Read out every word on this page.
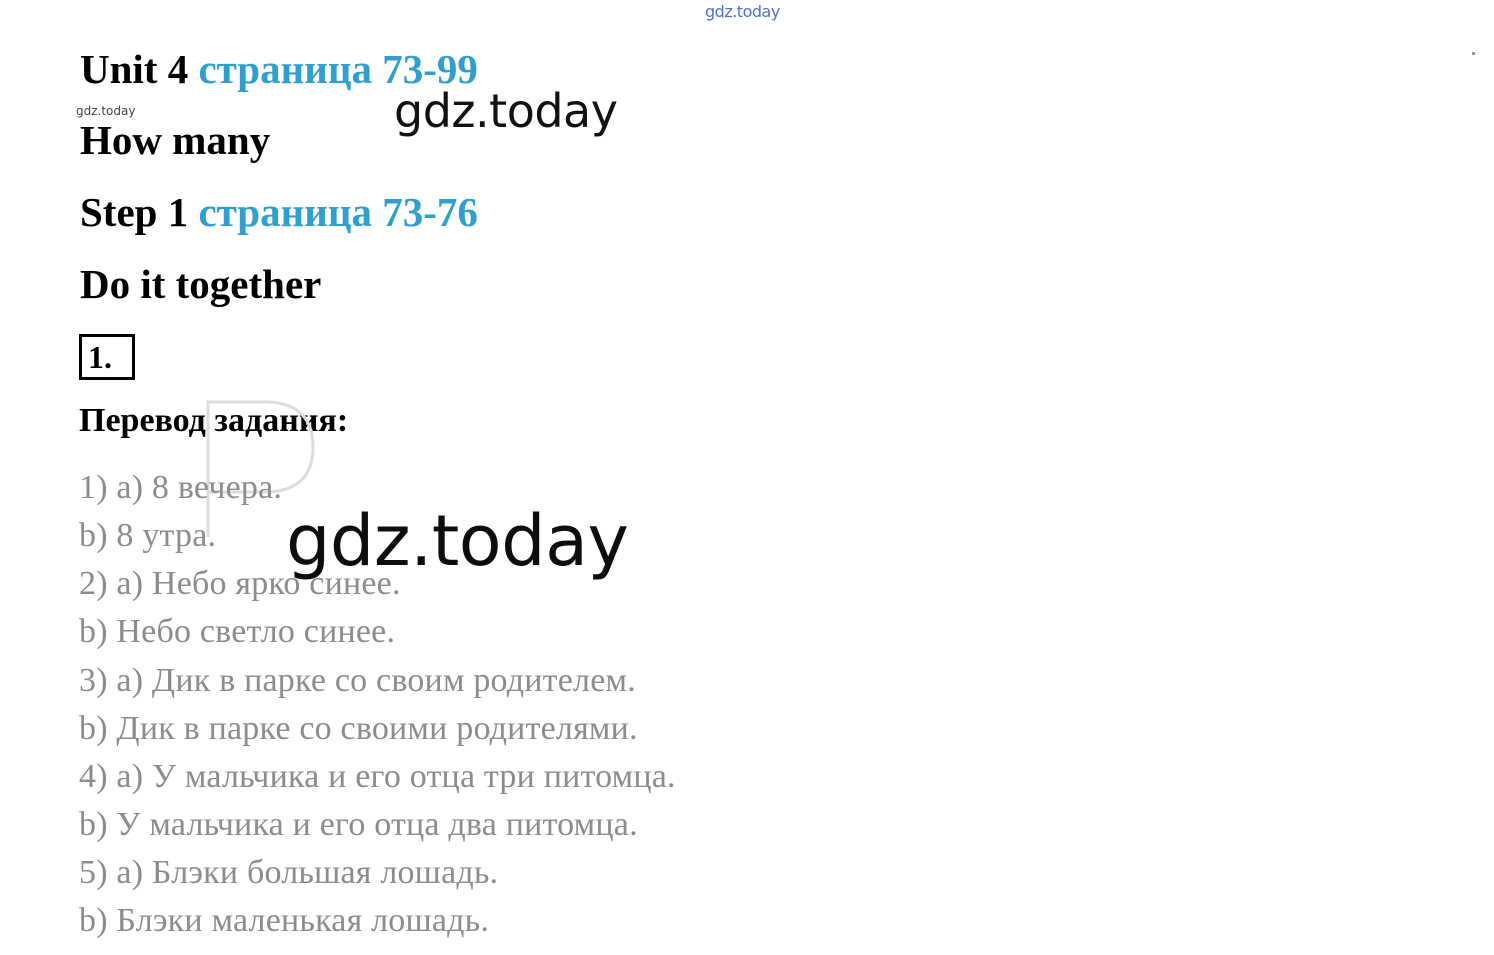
gdz.today
Unit 4 страница 73-99
gdz.today	gdz.today
How many
Step 1 страница 73-76
Do it together
1.
Перевод задания:
1) a) 8 вечера.
b) 8 утра.
2) a) Небо ярко синее.
b) Небо светло синее.
3) a) Дик в парке со своим родителем.
b) Дик в парке со своими родителями.
4) a) У мальчика и его отца три питомца.
b) У мальчика и его отца два питомца.
5) a) Блэки большая лошадь.
b) Блэки маленькая лошадь.
gdz.today
